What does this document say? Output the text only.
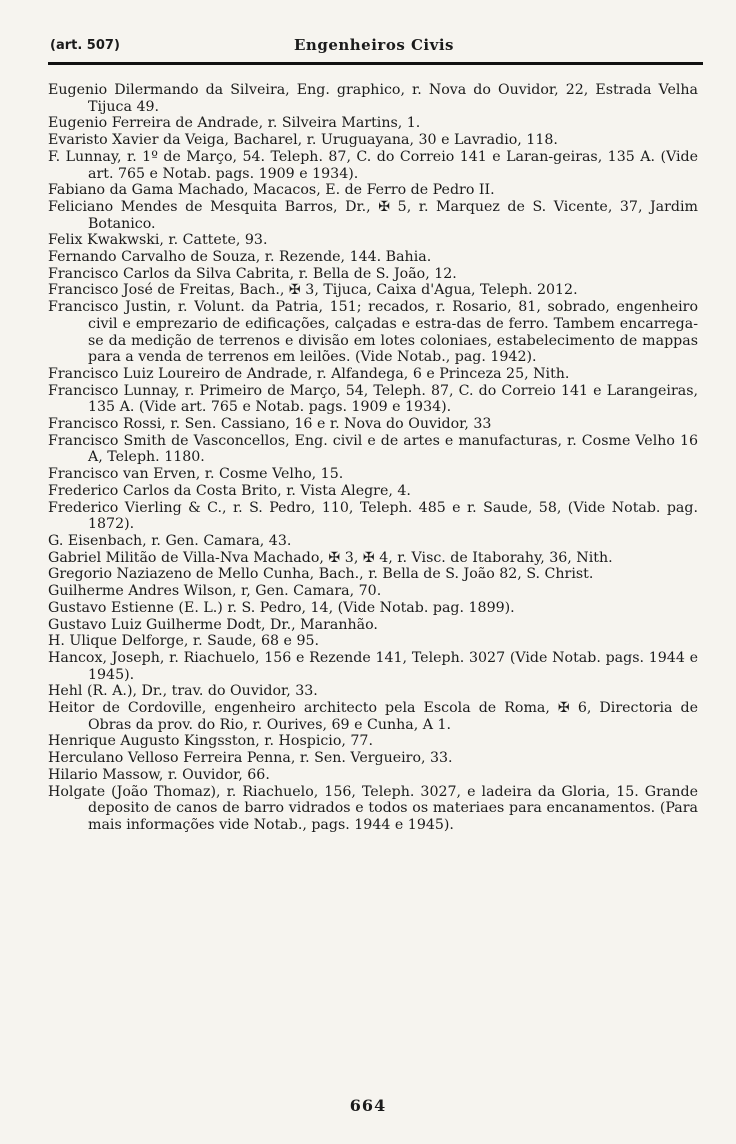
(art. 507)	Engenheiros Civis

Eugenio Dilermando da Silveira, Eng. graphico, r. Nova do Ouvidor, 22, Estrada Velha Tijuca 49.

Eugenio Ferreira de Andrade, r. Silveira Martins, 1.

Evaristo Xavier da Veiga, Bacharel, r. Uruguayana, 30 e Lavradio, 118.

F. Lunnay, r. 1º de Março, 54. Teleph. 87, C. do Correio 141 e Laran-geiras, 135 A. (Vide art. 765 e Notab. pags. 1909 e 1934).

Fabiano da Gama Machado, Macacos, E. de Ferro de Pedro II.

Feliciano Mendes de Mesquita Barros, Dr., ✠ 5, r. Marquez de S. Vicente, 37, Jardim Botanico.

Felix Kwakwski, r. Cattete, 93.

Fernando Carvalho de Souza, r. Rezende, 144. Bahia.

Francisco Carlos da Silva Cabrita, r. Bella de S. João, 12.

Francisco José de Freitas, Bach., ✠ 3, Tijuca, Caixa d'Agua, Teleph. 2012.

Francisco Justin, r. Volunt. da Patria, 151; recados, r. Rosario, 81, sobrado, engenheiro civil e emprezario de edificações, calçadas e estra-das de ferro. Tambem encarrega-se da medição de terrenos e divisão em lotes coloniaes, estabelecimento de mappas para a venda de terrenos em leilões. (Vide Notab., pag. 1942).

Francisco Luiz Loureiro de Andrade, r. Alfandega, 6 e Princeza 25, Nith.

Francisco Lunnay, r. Primeiro de Março, 54, Teleph. 87, C. do Correio 141 e Larangeiras, 135 A. (Vide art. 765 e Notab. pags. 1909 e 1934).

Francisco Rossi, r. Sen. Cassiano, 16 e r. Nova do Ouvidor, 33

Francisco Smith de Vasconcellos, Eng. civil e de artes e manufacturas, r. Cosme Velho 16 A, Teleph. 1180.

Francisco van Erven, r. Cosme Velho, 15.

Frederico Carlos da Costa Brito, r. Vista Alegre, 4.

Frederico Vierling & C., r. S. Pedro, 110, Teleph. 485 e r. Saude, 58, (Vide Notab. pag. 1872).

G. Eisenbach, r. Gen. Camara, 43.

Gabriel Militão de Villa-Nva Machado, ✠ 3, ✠ 4, r. Visc. de Itaborahy, 36, Nith.

Gregorio Naziazeno de Mello Cunha, Bach., r. Bella de S. João 82, S. Christ.

Guilherme Andres Wilson, r, Gen. Camara, 70.

Gustavo Estienne (E. L.) r. S. Pedro, 14, (Vide Notab. pag. 1899).

Gustavo Luiz Guilherme Dodt, Dr., Maranhão.

H. Ulique Delforge, r. Saude, 68 e 95.

Hancox, Joseph, r. Riachuelo, 156 e Rezende 141, Teleph. 3027 (Vide Notab. pags. 1944 e 1945).

Hehl (R. A.), Dr., trav. do Ouvidor, 33.

Heitor de Cordoville, engenheiro architecto pela Escola de Roma, ✠ 6, Directoria de Obras da prov. do Rio, r. Ourives, 69 e Cunha, A 1.

Henrique Augusto Kingsston, r. Hospicio, 77.

Herculano Velloso Ferreira Penna, r. Sen. Vergueiro, 33.

Hilario Massow, r. Ouvidor, 66.

Holgate (João Thomaz), r. Riachuelo, 156, Teleph. 3027, e ladeira da Gloria, 15. Grande deposito de canos de barro vidrados e todos os materiaes para encanamentos. (Para mais informações vide Notab., pags. 1944 e 1945).

664
